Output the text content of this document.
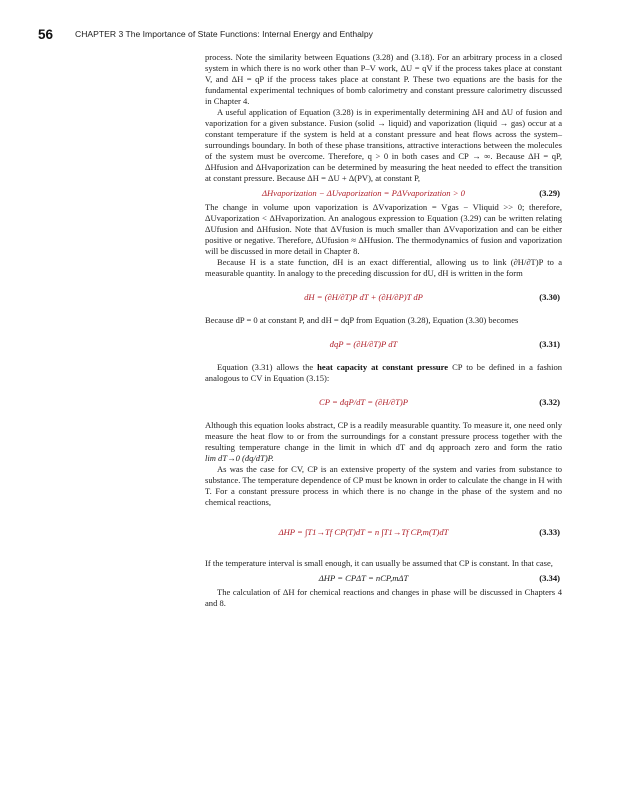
56	CHAPTER 3 The Importance of State Functions: Internal Energy and Enthalpy

process. Note the similarity between Equations (3.28) and (3.18). For an arbitrary process in a closed system in which there is no work other than P–V work, ΔU = qV if the process takes place at constant V, and ΔH = qP if the process takes place at constant P. These two equations are the basis for the fundamental experimental techniques of bomb calorimetry and constant pressure calorimetry discussed in Chapter 4.

A useful application of Equation (3.28) is in experimentally determining ΔH and ΔU of fusion and vaporization for a given substance. Fusion (solid → liquid) and vaporization (liquid → gas) occur at a constant temperature if the system is held at a constant pressure and heat flows across the system–surroundings boundary. In both of these phase transitions, attractive interactions between the molecules of the system must be overcome. Therefore, q > 0 in both cases and CP → ∞. Because ΔH = qP, ΔHfusion and ΔHvaporization can be determined by measuring the heat needed to effect the transition at constant pressure. Because ΔH = ΔU + Δ(PV), at constant P,

ΔHvaporization − ΔUvaporization = PΔVvaporization > 0	(3.29)

The change in volume upon vaporization is ΔVvaporization = Vgas − Vliquid >> 0; therefore, ΔUvaporization < ΔHvaporization. An analogous expression to Equation (3.29) can be written relating ΔUfusion and ΔHfusion. Note that ΔVfusion is much smaller than ΔVvaporization and can be either positive or negative. Therefore, ΔUfusion ≈ ΔHfusion. The thermodynamics of fusion and vaporization will be discussed in more detail in Chapter 8.

Because H is a state function, dH is an exact differential, allowing us to link (∂H/∂T)P to a measurable quantity. In analogy to the preceding discussion for dU, dH is written in the form

dH = (∂H/∂T)P dT + (∂H/∂P)T dP	(3.30)

Because dP = 0 at constant P, and dH = đqP from Equation (3.28), Equation (3.30) becomes

đqP = (∂H/∂T)P dT	(3.31)

Equation (3.31) allows the heat capacity at constant pressure CP to be defined in a fashion analogous to CV in Equation (3.15):

CP = đqP/dT = (∂H/∂T)P	(3.32)

Although this equation looks abstract, CP is a readily measurable quantity. To measure it, one need only measure the heat flow to or from the surroundings for a constant pressure process together with the resulting temperature change in the limit in which dT and đq approach zero and form the ratio lim dT→0 (đq/dT)P.

As was the case for CV, CP is an extensive property of the system and varies from substance to substance. The temperature dependence of CP must be known in order to calculate the change in H with T. For a constant pressure process in which there is no change in the phase of the system and no chemical reactions,

ΔHP = ∫T1→Tf CP(T)dT = n ∫T1→Tf CP,m(T)dT	(3.33)

If the temperature interval is small enough, it can usually be assumed that CP is constant. In that case,

ΔHP = CPΔT = nCP,mΔT	(3.34)

The calculation of ΔH for chemical reactions and changes in phase will be discussed in Chapters 4 and 8.
